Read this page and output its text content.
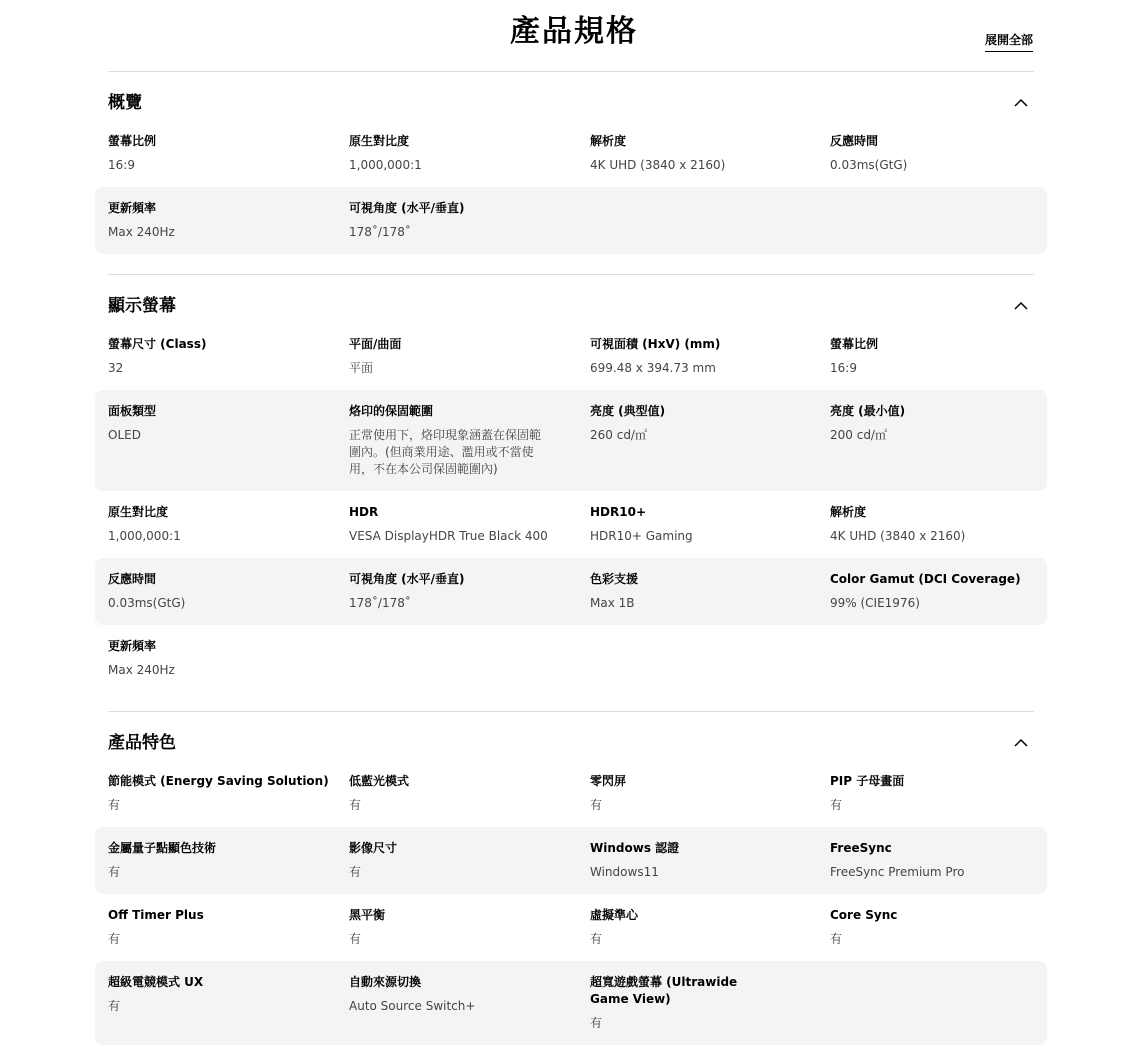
產品規格	展開全部
概覽
螢幕比例
16:9
原生對比度
1,000,000:1
解析度
4K UHD (3840 x 2160)
反應時間
0.03ms(GtG)
更新頻率
Max 240Hz
可視角度 (水平/垂直)
178˚/178˚
顯示螢幕
螢幕尺寸 (Class)
32
平面/曲面
平面
可視面積 (HxV) (mm)
699.48 x 394.73 mm
螢幕比例
16:9
面板類型
OLED
烙印的保固範圍
正常使用下，烙印現象涵蓋在保固範圍內。(但商業用途、濫用或不當使用，不在本公司保固範圍內)
亮度 (典型值)
260 cd/㎡
亮度 (最小值)
200 cd/㎡
原生對比度
1,000,000:1
HDR
VESA DisplayHDR True Black 400
HDR10+
HDR10+ Gaming
解析度
4K UHD (3840 x 2160)
反應時間
0.03ms(GtG)
可視角度 (水平/垂直)
178˚/178˚
色彩支援
Max 1B
Color Gamut (DCI Coverage)
99% (CIE1976)
更新頻率
Max 240Hz
產品特色
節能模式 (Energy Saving Solution)
有
低藍光模式
有
零閃屏
有
PIP 子母畫面
有
金屬量子點顯色技術
有
影像尺寸
有
Windows 認證
Windows11
FreeSync
FreeSync Premium Pro
Off Timer Plus
有
黑平衡
有
虛擬準心
有
Core Sync
有
超級電競模式 UX
有
自動來源切換
Auto Source Switch+
超寬遊戲螢幕 (Ultrawide Game View)
有
